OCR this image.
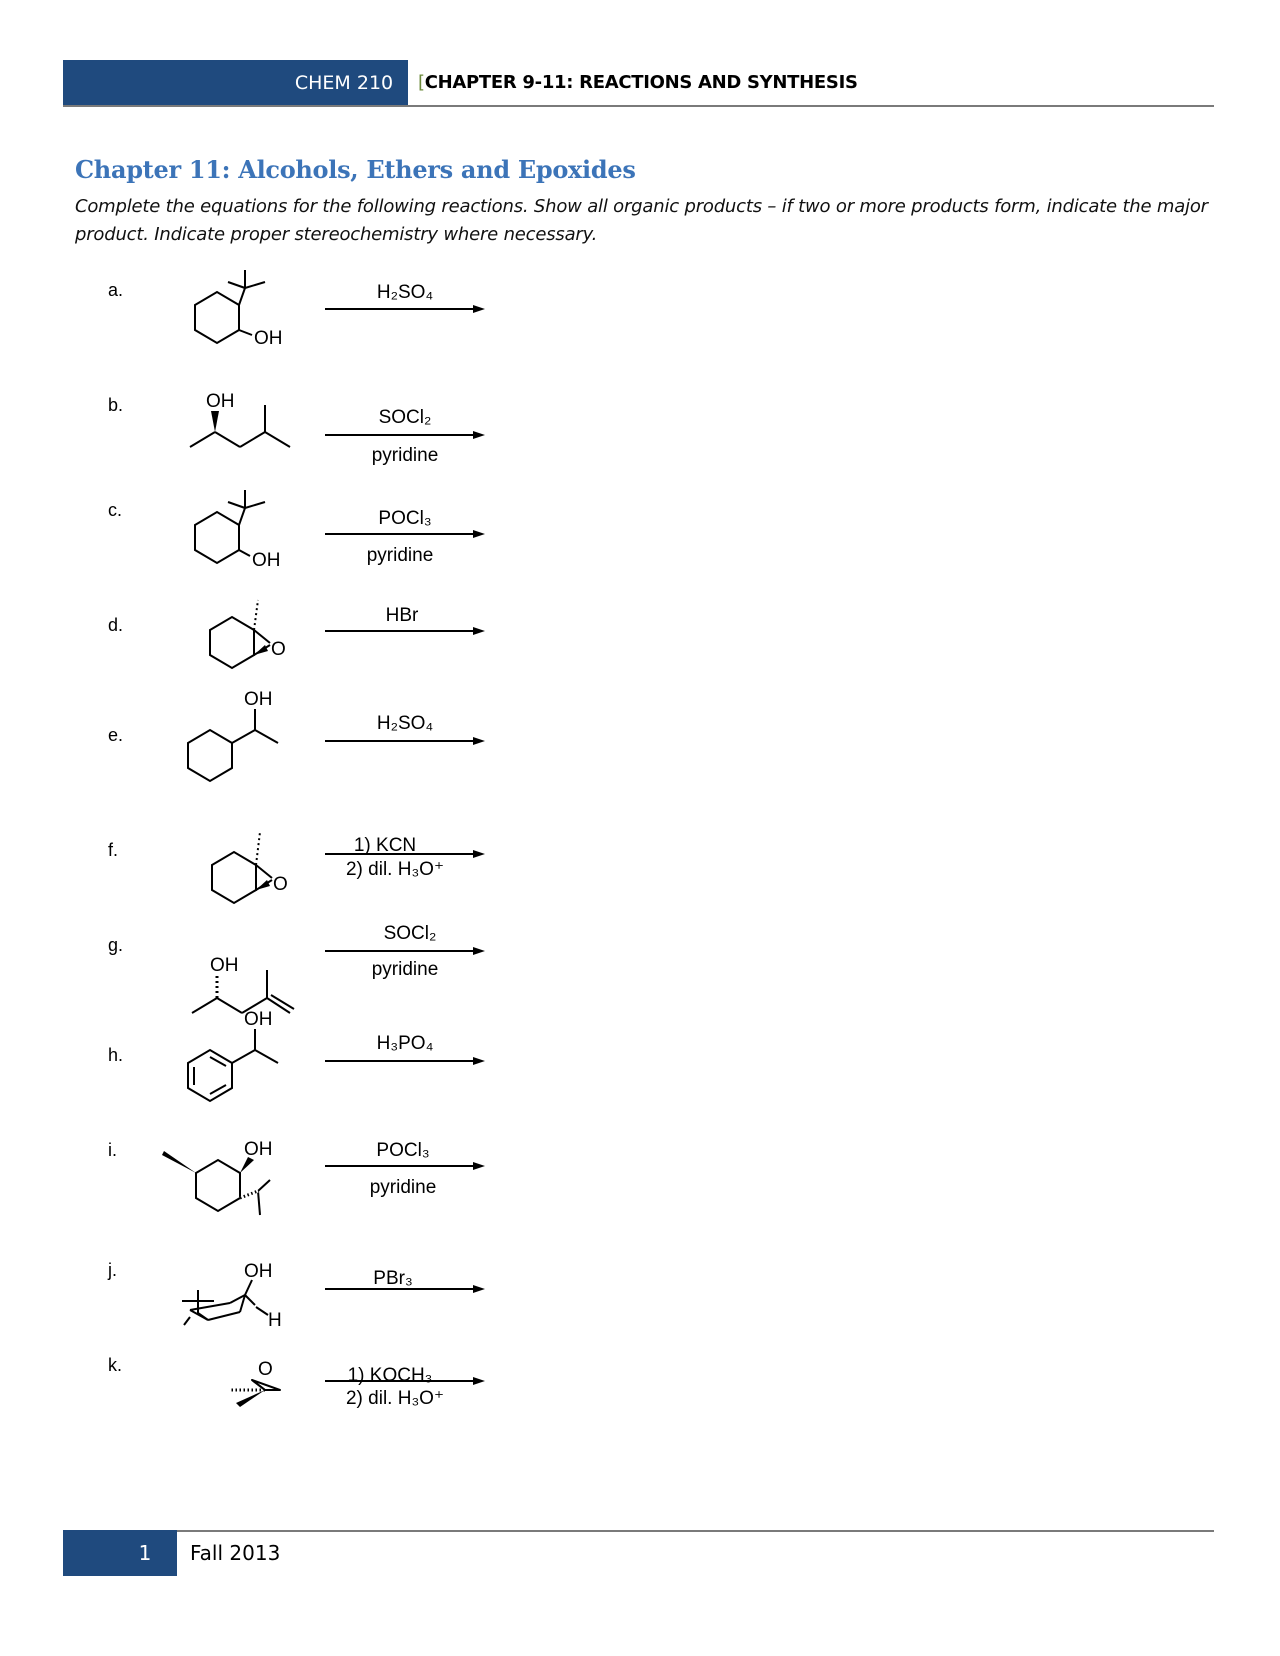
CHEM 210	[CHAPTER 9-11: REACTIONS AND SYNTHESIS
Chapter 11: Alcohols, Ethers and Epoxides
Complete the equations for the following reactions. Show all organic products – if two or more products form, indicate the major product. Indicate proper stereochemistry where necessary.
a.
OH
H₂SO₄
b.	OH
SOCl₂
pyridine
c.
OH
POCl₃
pyridine
d.
O
HBr
e.
OH
H₂SO₄
f.
O
1) KCN
2) dil. H₃O⁺
g.
OH
SOCl₂
pyridine
h.
OH
H₃PO₄
i.	OH	POCl₃
pyridine
j.	OH
H
PBr₃
k.	O	1) KOCH₃
2) dil. H₃O⁺
1	Fall 2013
